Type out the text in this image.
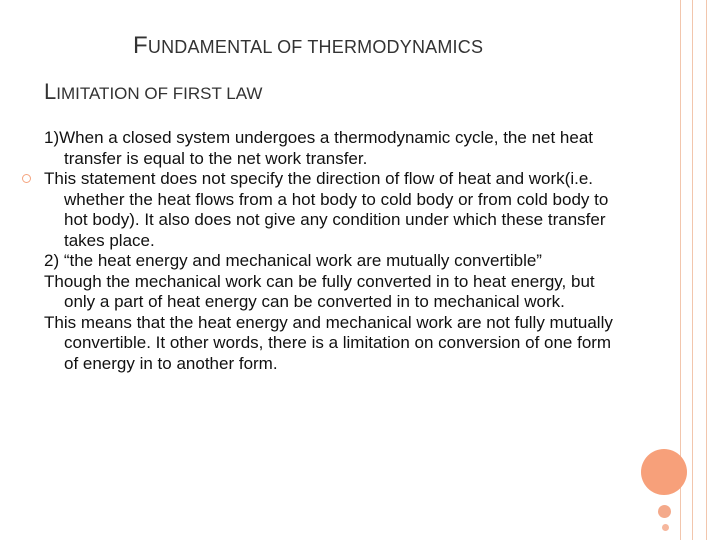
FUNDAMENTAL OF THERMODYNAMICS
LIMITATION OF FIRST LAW

1)When a closed system undergoes a thermodynamic cycle, the net heat transfer is equal to the net work transfer.

This statement does not specify the direction of flow of heat and work(i.e. whether the heat flows from a hot body to cold body or from cold body to hot body). It also does not give any condition under which these transfer takes place.

2) “the heat energy and mechanical work are mutually convertible”

Though the mechanical work can be fully converted in to heat energy, but only a part of heat energy can be converted in to mechanical work.

This means that the heat energy and mechanical work are not fully mutually convertible. It other words, there is a limitation on conversion of one form of energy in to another form.
